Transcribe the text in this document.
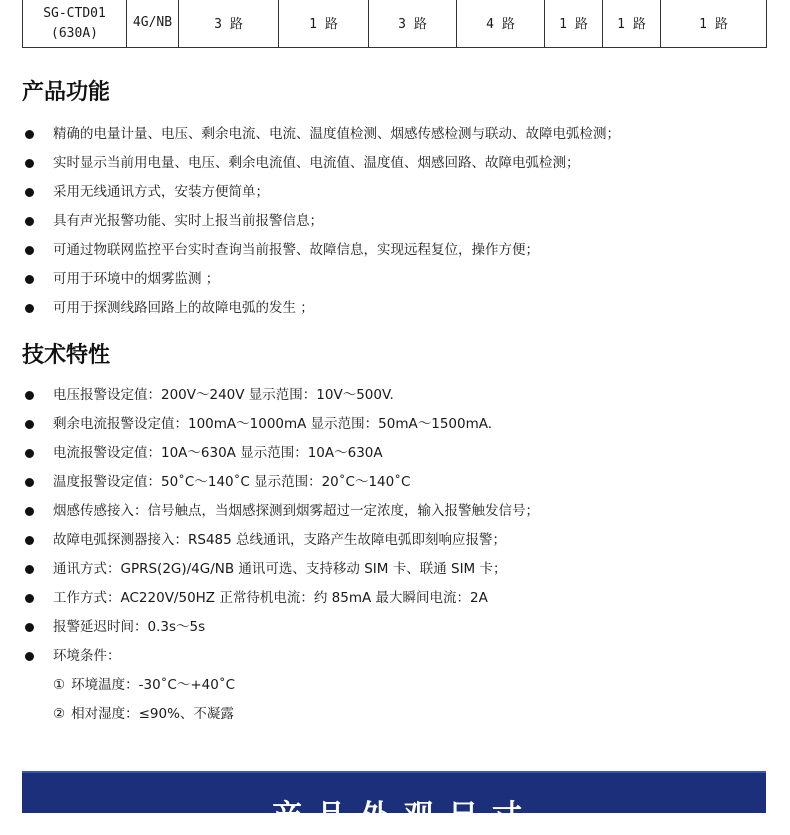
SG-CTD01
(630A)	4G/NB	3 路	1 路	3 路	4 路	1 路	1 路	1 路
产品功能
精确的电量计量、电压、剩余电流、电流、温度值检测、烟感传感检测与联动、故障电弧检测；
实时显示当前用电量、电压、剩余电流值、电流值、温度值、烟感回路、故障电弧检测；
采用无线通讯方式，安装方便简单；
具有声光报警功能、实时上报当前报警信息；
可通过物联网监控平台实时查询当前报警、故障信息，实现远程复位，操作方便；
可用于环境中的烟雾监测 ；
可用于探测线路回路上的故障电弧的发生 ；
技术特性
电压报警设定值：200V～240V 显示范围：10V～500V.
剩余电流报警设定值：100mA～1000mA 显示范围：50mA～1500mA.
电流报警设定值：10A～630A 显示范围：10A～630A
温度报警设定值：50˚C～140˚C 显示范围：20˚C～140˚C
烟感传感接入：信号触点，当烟感探测到烟雾超过一定浓度，输入报警触发信号；
故障电弧探测器接入：RS485 总线通讯，支路产生故障电弧即刻响应报警；
通讯方式：GPRS(2G)/4G/NB 通讯可选、支持移动 SIM 卡、联通 SIM 卡；
工作方式：AC220V/50HZ 正常待机电流：约 85mA 最大瞬间电流：2A
报警延迟时间：0.3s～5s
环境条件：
① 环境温度：-30˚C～+40˚C
② 相对湿度：≤90%、不凝露
产品外观尺寸
